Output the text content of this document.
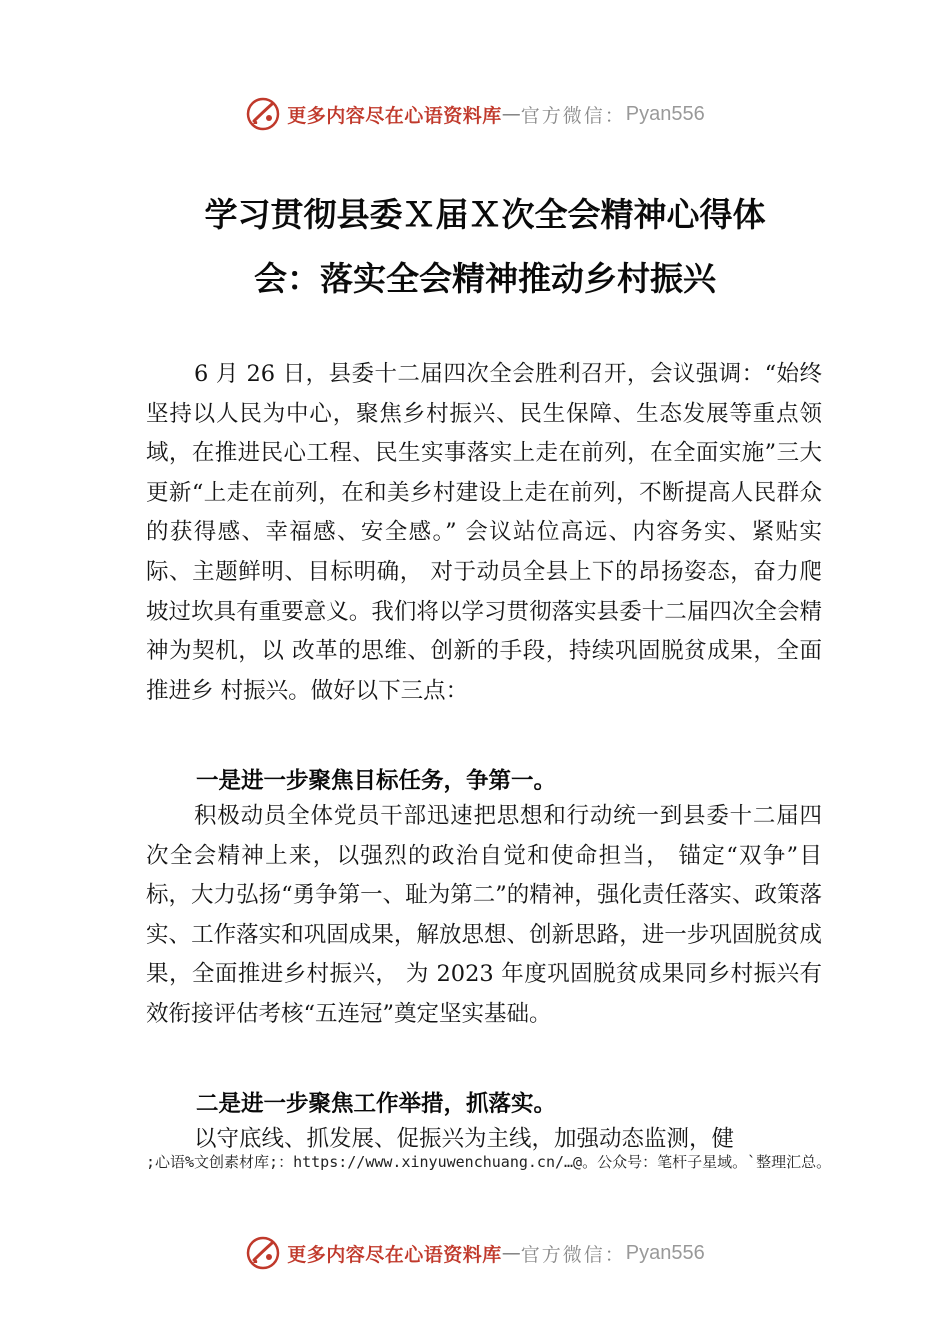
更多内容尽在心语资料库 — 官方微信： Pyan556
学习贯彻县委Ｘ届Ｘ次全会精神心得体
会：落实全会精神推动乡村振兴
6 月 26 日，县委十二届四次全会胜利召开，会议强调：“始终坚持以人民为中心，聚焦乡村振兴、民生保障、生态发展等重点领域，在推进民心工程、民生实事落实上走在前列，在全面实施”三大更新“上走在前列，在和美乡村建设上走在前列，不断提高人民群众的获得感、幸福感、安全感。” 会议站位高远、内容务实、紧贴实际、主题鲜明、目标明确， 对于动员全县上下的昂扬姿态，奋力爬坡过坎具有重要意义。我们将以学习贯彻落实县委十二届四次全会精神为契机，以 改革的思维、创新的手段，持续巩固脱贫成果，全面推进乡 村振兴。做好以下三点：
一是进一步聚焦目标任务，争第一。
积极动员全体党员干部迅速把思想和行动统一到县委十二届四次全会精神上来，以强烈的政治自觉和使命担当， 锚定“双争”目标，大力弘扬“勇争第一、耻为第二”的精神，强化责任落实、政策落实、工作落实和巩固成果，解放思想、创新思路，进一步巩固脱贫成果，全面推进乡村振兴， 为 2023 年度巩固脱贫成果同乡村振兴有效衔接评估考核“五连冠”奠定坚实基础。
二是进一步聚焦工作举措，抓落实。
以守底线、抓发展、促振兴为主线，加强动态监测，健
;心语%文创素材库;：https://www.xinyuwenchuang.cn/…@。公众号：笔杆子星域。`整理汇总。
更多内容尽在心语资料库 — 官方微信： Pyan556
